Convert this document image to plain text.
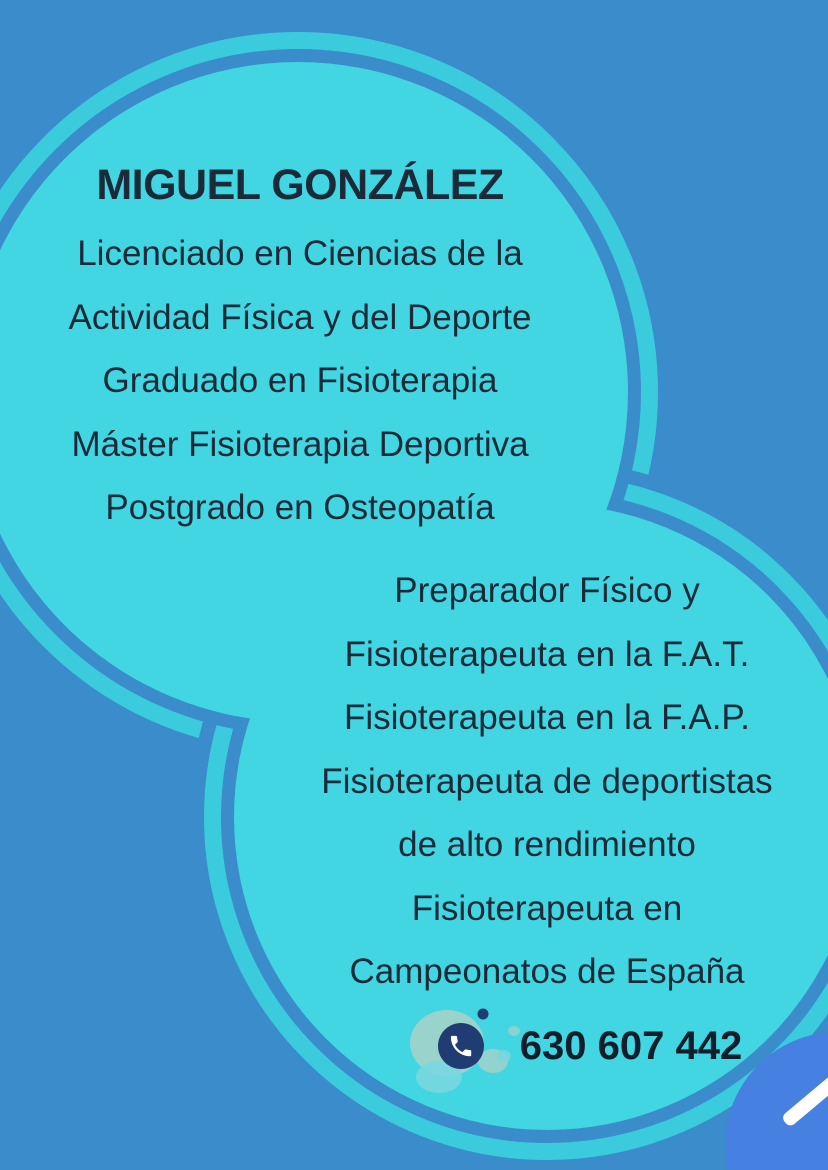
MIGUEL GONZÁLEZ
Licenciado en Ciencias de la
Actividad Física y del Deporte
Graduado en Fisioterapia
Máster Fisioterapia Deportiva
Postgrado en Osteopatía
Preparador Físico y
Fisioterapeuta en la F.A.T.
Fisioterapeuta en la F.A.P.
Fisioterapeuta de deportistas
de alto rendimiento
Fisioterapeuta en
Campeonatos de España
630 607 442
